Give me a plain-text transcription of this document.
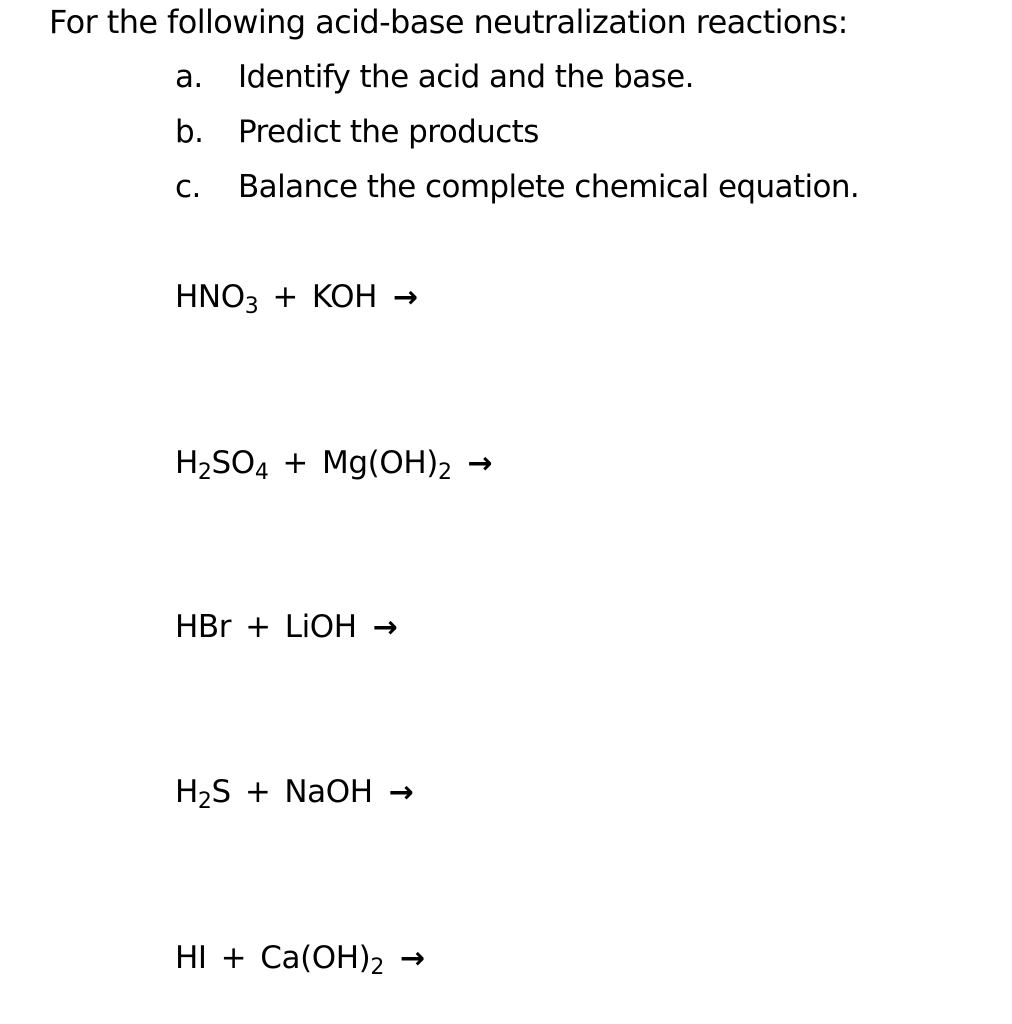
For the following acid-base neutralization reactions:
a. Identify the acid and the base.
b. Predict the products
c. Balance the complete chemical equation.
$HNO_3$ + KOH →
$H_2SO_4 + Mg(OH)_2$ →
HBr + LiOH →
$H_2S$ + NaOH →
HI + $Ca(OH)_2$ →
